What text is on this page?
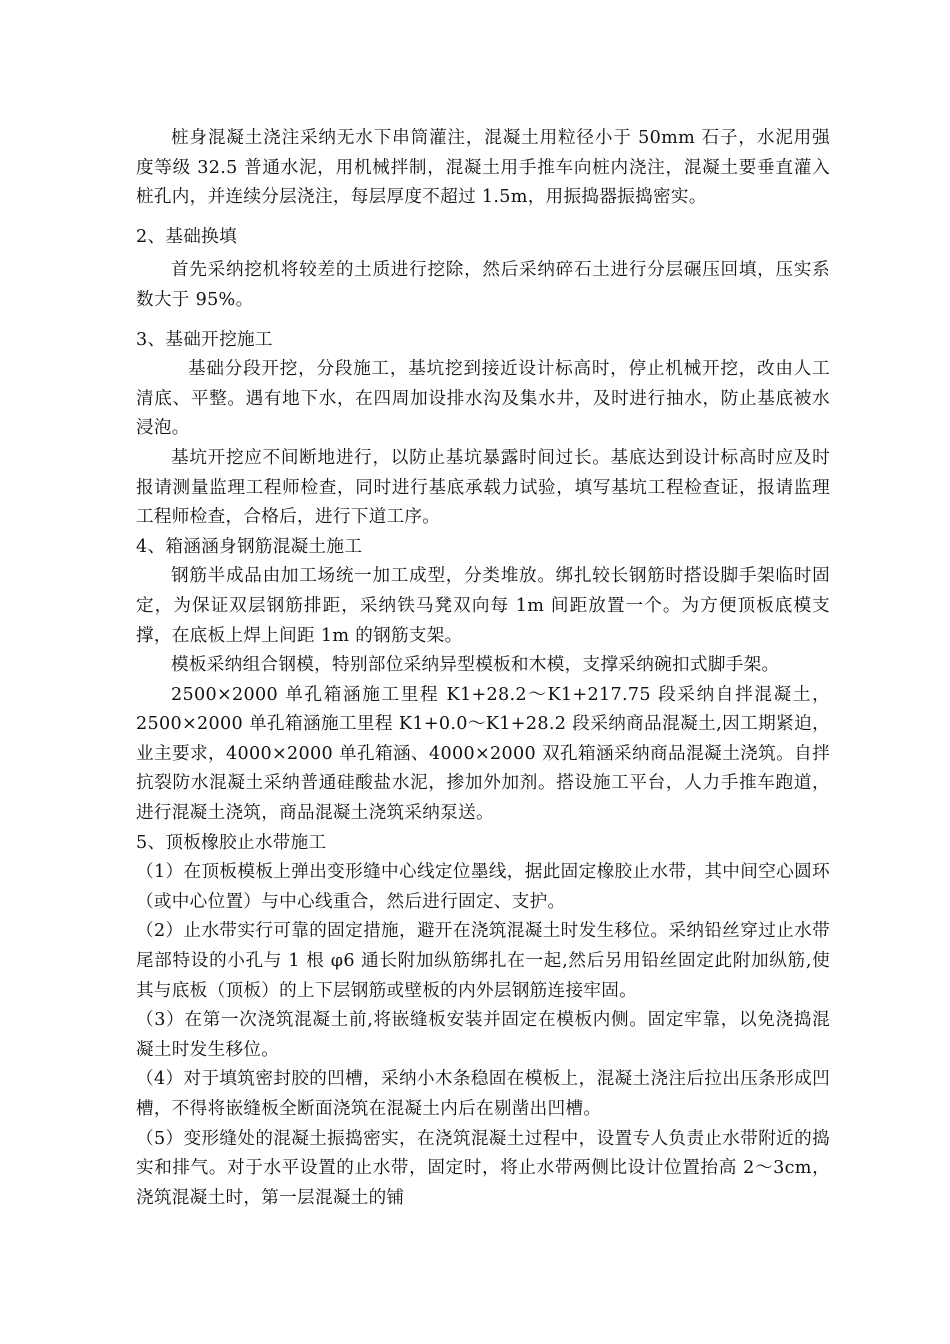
桩身混凝土浇注采纳无水下串筒灌注，混凝土用粒径小于 50mm 石子，水泥用强度等级 32.5 普通水泥，用机械拌制，混凝土用手推车向桩内浇注，混凝土要垂直灌入桩孔内，并连续分层浇注，每层厚度不超过 1.5m，用振捣器振捣密实。

2、基础换填

首先采纳挖机将较差的土质进行挖除，然后采纳碎石土进行分层碾压回填，压实系数大于 95%。

3、基础开挖施工

基础分段开挖，分段施工，基坑挖到接近设计标高时，停止机械开挖，改由人工清底、平整。遇有地下水，在四周加设排水沟及集水井，及时进行抽水，防止基底被水浸泡。

基坑开挖应不间断地进行，以防止基坑暴露时间过长。基底达到设计标高时应及时报请测量监理工程师检查，同时进行基底承载力试验，填写基坑工程检查证，报请监理工程师检查，合格后，进行下道工序。

4、箱涵涵身钢筋混凝土施工

钢筋半成品由加工场统一加工成型，分类堆放。绑扎较长钢筋时搭设脚手架临时固定，为保证双层钢筋排距，采纳铁马凳双向每 1m 间距放置一个。为方便顶板底模支撑，在底板上焊上间距 1m 的钢筋支架。

模板采纳组合钢模，特别部位采纳异型模板和木模，支撑采纳碗扣式脚手架。

2500×2000 单孔箱涵施工里程 K1+28.2～K1+217.75 段采纳自拌混凝土，2500×2000 单孔箱涵施工里程 K1+0.0～K1+28.2 段采纳商品混凝土,因工期紧迫，业主要求，4000×2000 单孔箱涵、4000×2000 双孔箱涵采纳商品混凝土浇筑。自拌抗裂防水混凝土采纳普通硅酸盐水泥，掺加外加剂。搭设施工平台，人力手推车跑道，进行混凝土浇筑，商品混凝土浇筑采纳泵送。

5、顶板橡胶止水带施工

（1）在顶板模板上弹出变形缝中心线定位墨线，据此固定橡胶止水带，其中间空心圆环（或中心位置）与中心线重合，然后进行固定、支护。

（2）止水带实行可靠的固定措施，避开在浇筑混凝土时发生移位。采纳铅丝穿过止水带尾部特设的小孔与 1 根 φ6 通长附加纵筋绑扎在一起,然后另用铅丝固定此附加纵筋,使其与底板（顶板）的上下层钢筋或壁板的内外层钢筋连接牢固。

（3）在第一次浇筑混凝土前,将嵌缝板安装并固定在模板内侧。固定牢靠，以免浇捣混凝土时发生移位。

（4）对于填筑密封胶的凹槽，采纳小木条稳固在模板上，混凝土浇注后拉出压条形成凹槽，不得将嵌缝板全断面浇筑在混凝土内后在剔凿出凹槽。

（5）变形缝处的混凝土振捣密实，在浇筑混凝土过程中，设置专人负责止水带附近的捣实和排气。对于水平设置的止水带，固定时，将止水带两侧比设计位置抬高 2～3cm，浇筑混凝土时，第一层混凝土的铺
